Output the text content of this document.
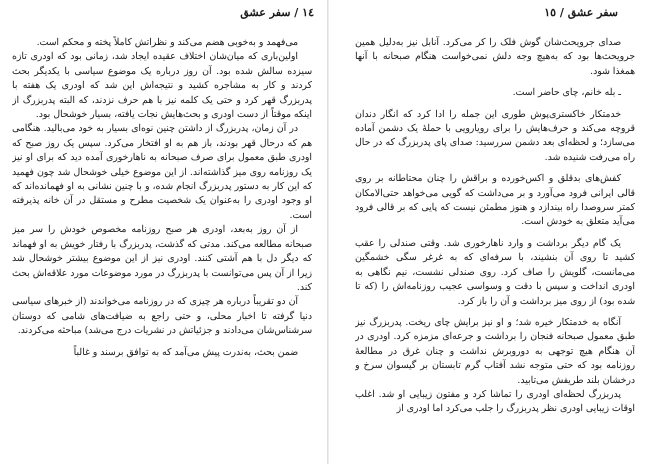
١٤ / سفر عشق

می‌فهمد و به‌خوبی هضم می‌کند و نظراتش کاملاً پخته و محکم است.

اولین‌باری که میان‌شان اختلاف عقیده ایجاد شد، زمانی بود که اودری تازه سیزده سالش شده بود. آن روز درباره یک موضوع سیاسی با یکدیگر بحث کردند و کار به مشاجره کشید و نتیجه‌اش این شد که اودری یک هفته با پدربزرگ قهر کرد و حتی یک کلمه نیز با هم حرف نزدند، که البته پدربزرگ از اینکه موقتاً از دست اودری و بحث‌هایش نجات یافته، بسیار خوشحال بود.

در آن زمان، پدربزرگ از داشتن چنین نوه‌ای بسیار به خود می‌بالید. هنگامی هم که درحال قهر بودند، باز هم به او افتخار می‌کرد. سپس یک روز صبح که اودری طبق معمول برای صرف صبحانه به ناهارخوری آمده دید که برای او نیز یک روزنامه روی میز گذاشته‌اند. از این موضوع خیلی خوشحال شد چون فهمید که این کار به دستور پدربزرگ انجام شده، و با چنین نشانی به او فهمانده‌اند که او وجود اودری را به‌عنوان یک شخصیت مطرح و مستقل در آن خانه پذیرفته است.

از آن روز به‌بعد، اودری هر صبح روزنامه مخصوص خودش را سر میز صبحانه مطالعه می‌کند. مدتی که گذشت، پدربزرگ با رفتار خویش به او فهماند که دیگر دل با هم آشتی کنند. اودری نیز از این موضوع بیشتر خوشحال شد زیرا از آن پس می‌توانست با پدربزرگ در مورد موضوعات مورد علاقه‌اش بحث کند.

آن دو تقریباً درباره هر چیزی که در روزنامه می‌خواندند (از خبرهای سیاسی دنیا گرفته تا اخبار محلی، و حتی راجع به ضیافت‌های شامی که دوستان سرشناس‌شان می‌دادند و جزئیاتش در نشریات درج می‌شد) مباحثه می‌کردند.

ضمن بحث، به‌ندرت پیش می‌آمد که به توافق برسند و غالباً

سفر عشق / ١٥

صدای جرویحث‌شان گوش فلک را کر می‌کرد. آنابل نیز به‌دلیل همین جرویحث‌ها بود که به‌هیچ وجه دلش نمی‌خواست هنگام صبحانه با آنها همغذا شود.

ـ بله خانم، چای حاضر است.

خدمتکار خاکستری‌پوش طوری این جمله را ادا کرد که انگار دندان قروچه می‌کند و حرف‌هایش را برای رویارویی با حملهٔ یک دشمن آماده می‌سازد؛ و لحظه‌ای بعد دشمن سررسید: صدای پای پدربزرگ که در حال راه می‌رفت شنیده شد.

کفش‌های بدقلق و اکس‌خورده و براقش را چنان محتاطانه بر روی قالی ایرانی فرود می‌آورد و بر می‌داشت که گویی می‌خواهد حتی‌الامکان کمتر سروصدا راه بیندازد و هنوز مطمئن نیست که پایی که بر قالی فرود می‌آید متعلق به خودش است.

یک گام دیگر برداشت و وارد ناهارخوری شد. وقتی صندلی را عقب کشید تا روی آن بنشیند، با سرفه‌ای که به غرغر سگی خشمگین می‌مانست، گلویش را صاف کرد. روی صندلی نشست، نیم نگاهی به اودری انداخت و سپس با دقت و وسواسی عجیب روزنامه‌اش را (که تا شده بود) از روی میز برداشت و آن را باز کرد.

آنگاه به خدمتکار خیره شد؛ و او نیز برایش چای ریخت. پدربزرگ نیز طبق معمول صبحانه فنجان را برداشت و جرعه‌ای مزمزه کرد. اودری در آن هنگام هیچ توجهی به دوروبرش نداشت و چنان غرق در مطالعهٔ روزنامه بود که حتی متوجه نشد آفتاب گرم تابستان بر گیسوان سرخ و درخشان بلند طریفش می‌تابید.

پدربزرگ لحظه‌ای اودری را تماشا کرد و مفتون زیبایی او شد. اغلب اوقات زیبایی اودری نظر پدربزرگ را جلب می‌کرد اما اودری از
